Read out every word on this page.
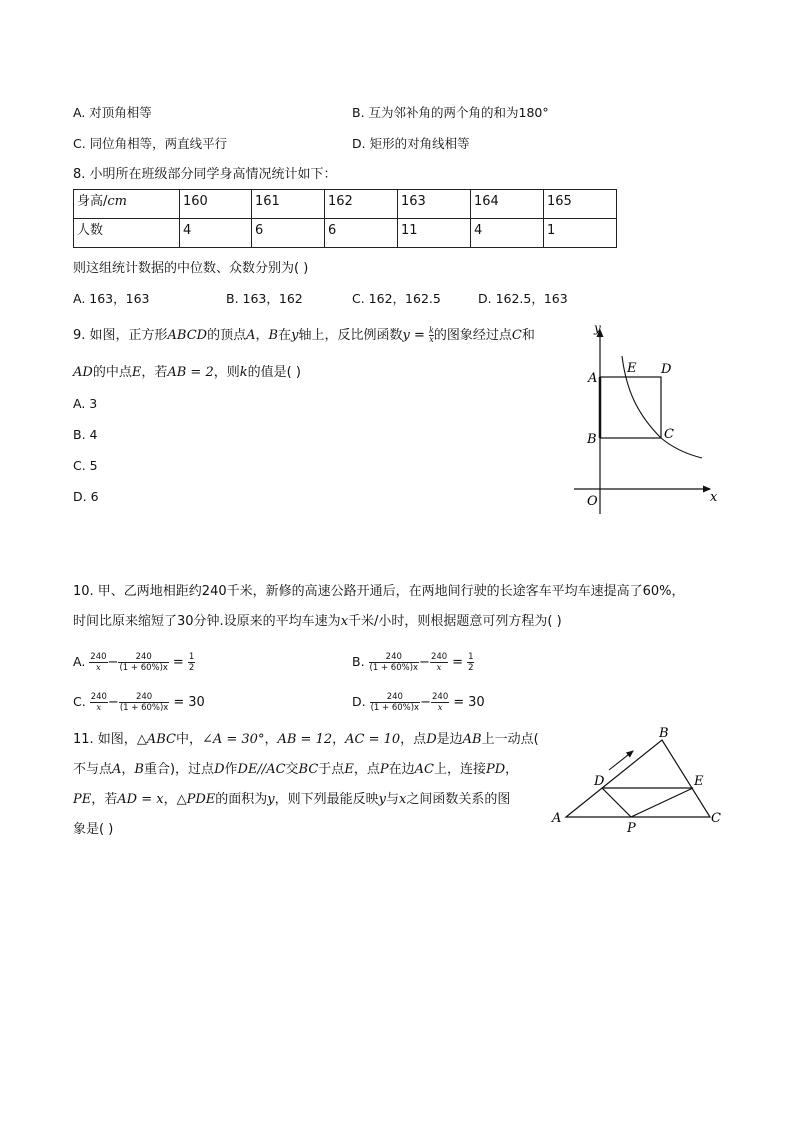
A. 对顶角相等	B. 互为邻补角的两个角的和为180°
C. 同位角相等，两直线平行	D. 矩形的对角线相等
8. 小明所在班级部分同学身高情况统计如下：
身高/cm	160	161	162	163	164	165
人数	4	6	6	11	4	1
则这组统计数据的中位数、众数分别为( )
A. 163，163	B. 163，162	C. 162，162.5	D. 162.5，163
9. 如图，正方形ABCD的顶点A，B在y轴上，反比例函数$y = \frac{k}{x}$ 的图象经过点C和
AD的中点E，若AB = 2，则k的值是( )
A. 3
B. 4
C. 5
D. 6
y
A
E D
B	C
O	x
10. 甲、乙两地相距约240千米，新修的高速公路开通后，在两地间行驶的长途客车平均车速提高了60%，
时间比原来缩短了30分钟.设原来的平均车速为x千米/小时，则根据题意可列方程为( )
A. $\frac{240}{x} - \frac{240}{(1 + 60\%)x} = \frac{1}{2}$	B. $\frac{240}{(1 + 60\%)x} - \frac{240}{x} = \frac{1}{2}$
C. $\frac{240}{x} - \frac{240}{(1 + 60\%)x} = 30$	D. $\frac{240}{(1 + 60\%)x} - \frac{240}{x} = 30$
11. 如图，△ABC中，∠A = 30°，AB = 12，AC = 10，点D是边AB上一动点(
不与点A，B重合)，过点D作DE//AC交BC于点E，点P在边AC上，连接PD，
PE，若AD = x，△PDE的面积为y，则下列最能反映y与x之间函数关系的图
象是( )
B
D	E
A
P
C
